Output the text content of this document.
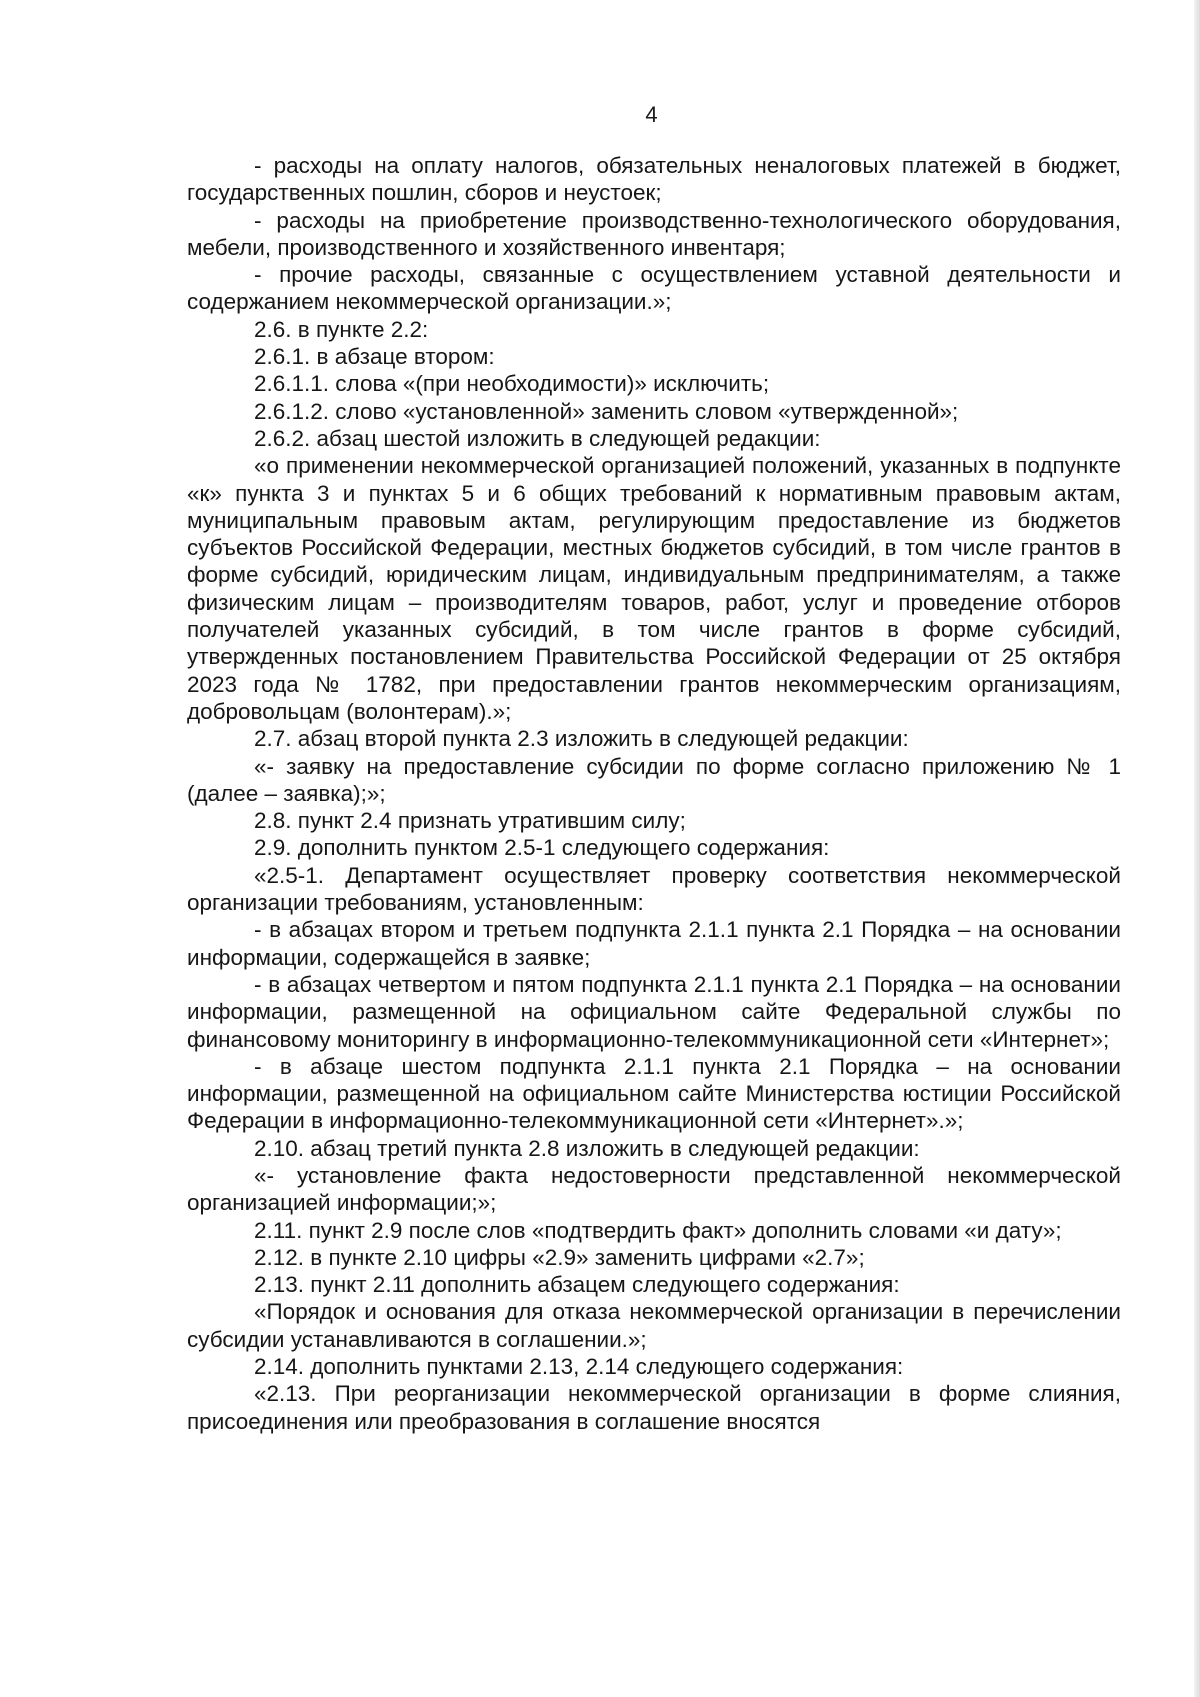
4

- расходы на оплату налогов, обязательных неналоговых платежей в бюджет, государственных пошлин, сборов и неустоек;

- расходы на приобретение производственно-технологического оборудования, мебели, производственного и хозяйственного инвентаря;

- прочие расходы, связанные с осуществлением уставной деятельности и содержанием некоммерческой организации.»;

2.6. в пункте 2.2:

2.6.1. в абзаце втором:

2.6.1.1. слова «(при необходимости)» исключить;

2.6.1.2. слово «установленной» заменить словом «утвержденной»;

2.6.2. абзац шестой изложить в следующей редакции:

«о применении некоммерческой организацией положений, указанных в подпункте «к» пункта 3 и пунктах 5 и 6 общих требований к нормативным правовым актам, муниципальным правовым актам, регулирующим предоставление из бюджетов субъектов Российской Федерации, местных бюджетов субсидий, в том числе грантов в форме субсидий, юридическим лицам, индивидуальным предпринимателям, а также физическим лицам – производителям товаров, работ, услуг и проведение отборов получателей указанных субсидий, в том числе грантов в форме субсидий, утвержденных постановлением Правительства Российской Федерации от 25 октября 2023 года № 1782, при предоставлении грантов некоммерческим организациям, добровольцам (волонтерам).»;

2.7. абзац второй пункта 2.3 изложить в следующей редакции:

«- заявку на предоставление субсидии по форме согласно приложению № 1 (далее – заявка);»;

2.8. пункт 2.4 признать утратившим силу;

2.9. дополнить пунктом 2.5-1 следующего содержания:

«2.5-1. Департамент осуществляет проверку соответствия некоммерческой организации требованиям, установленным:

- в абзацах втором и третьем подпункта 2.1.1 пункта 2.1 Порядка – на основании информации, содержащейся в заявке;

- в абзацах четвертом и пятом подпункта 2.1.1 пункта 2.1 Порядка – на основании информации, размещенной на официальном сайте Федеральной службы по финансовому мониторингу в информационно-телекоммуникационной сети «Интернет»;

- в абзаце шестом подпункта 2.1.1 пункта 2.1 Порядка – на основании информации, размещенной на официальном сайте Министерства юстиции Российской Федерации в информационно-телекоммуникационной сети «Интернет».»;

2.10. абзац третий пункта 2.8 изложить в следующей редакции:

«- установление факта недостоверности представленной некоммерческой организацией информации;»;

2.11. пункт 2.9 после слов «подтвердить факт» дополнить словами «и дату»;

2.12. в пункте 2.10 цифры «2.9» заменить цифрами «2.7»;

2.13. пункт 2.11 дополнить абзацем следующего содержания:

«Порядок и основания для отказа некоммерческой организации в перечислении субсидии устанавливаются в соглашении.»;

2.14. дополнить пунктами 2.13, 2.14 следующего содержания:

«2.13. При реорганизации некоммерческой организации в форме слияния, присоединения или преобразования в соглашение вносятся
